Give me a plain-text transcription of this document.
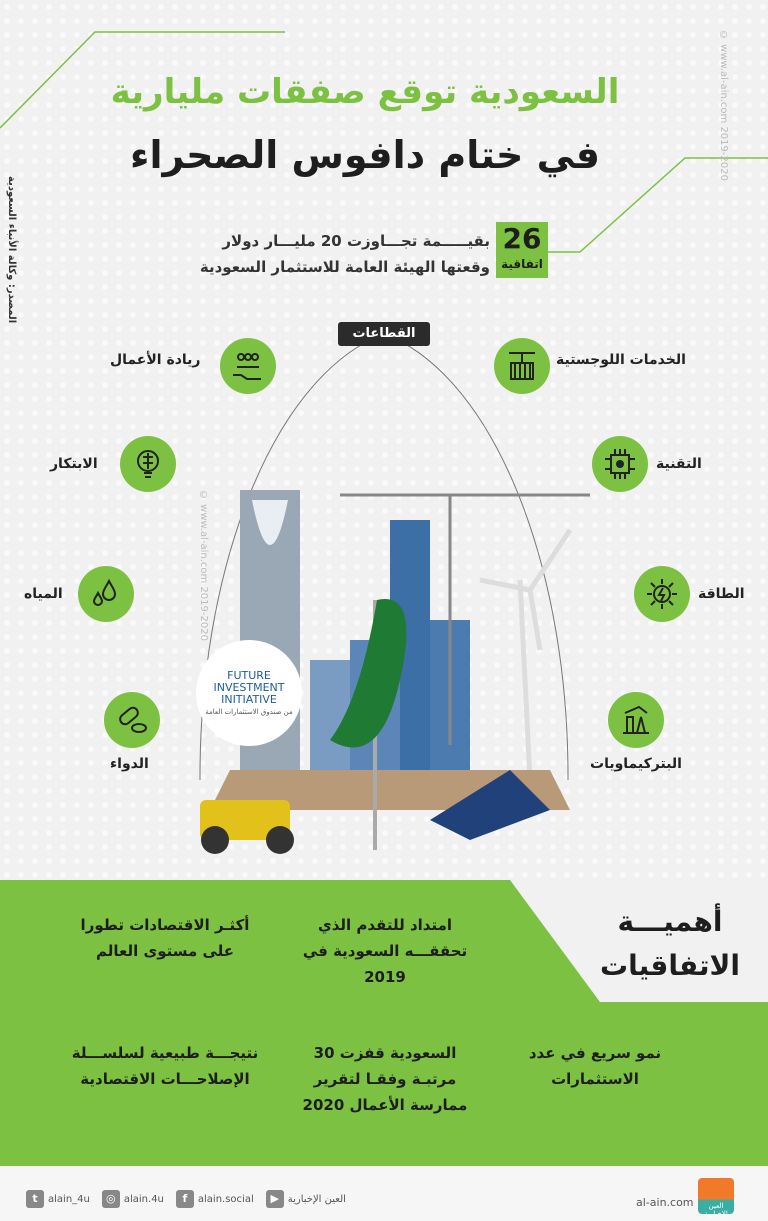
المصدر: وكالة الأنباء السعودية
© www.al-ain.com 2019-2020
© www.al-ain.com 2019-2020
السعودية توقع صفقات مليارية
في ختام دافوس الصحراء
26
اتفاقية
بقيـــــمة تجـــاوزت 20 مليـــار دولار
وقعتها الهيئة العامة للاستثمار السعودية
القطاعات
الخدمات اللوجستية
التقنية
الطاقة
البتركيماويات
ريادة الأعمال
الابتكار
المياه
الدواء
FUTURE
INVESTMENT
INITIATIVE
من صندوق الاستثمارات العامة
أهميـــة
الاتفاقيات
امتداد للتقدم الذي تحققـــه السعودية في 2019
أكثـر الاقتصادات تطورا على مستوى العالم
نمو سريع في عدد الاستثمارات
السعودية قفزت 30 مرتبـة وفقـا لتقرير ممارسة الأعمال 2020
نتيجـــة طبيعية لسلســـلة الإصلاحـــات الاقتصادية
t	alain_4u	◎ alain.4u	f	alain.social	▶ العين الإخبارية	al-ain.com	العين الإخبارية
